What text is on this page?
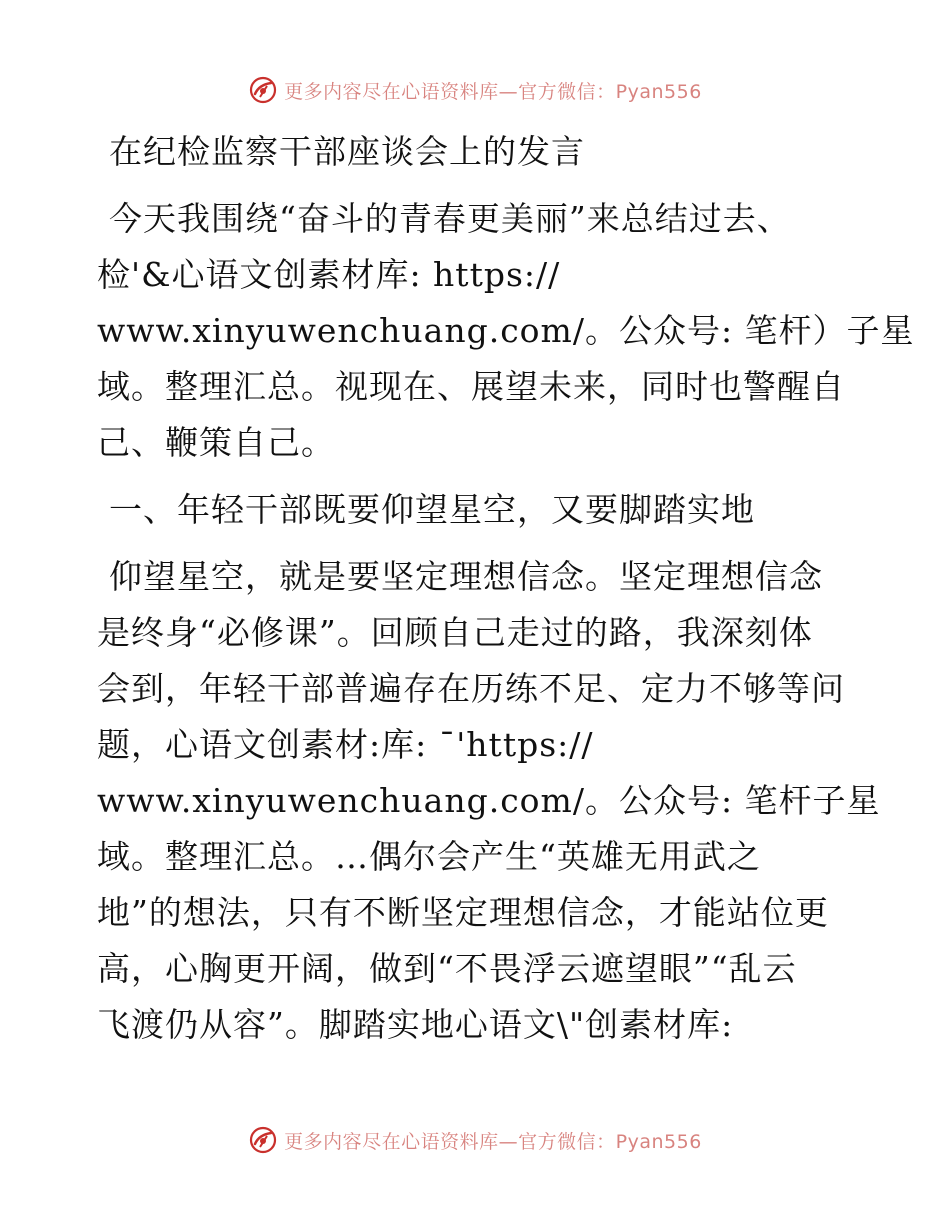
更多内容尽在心语资料库—官方微信：Pyan556
在纪检监察干部座谈会上的发言
今天我围绕“奋斗的青春更美丽”来总结过去、
检'&心语文创素材库: https://
www.xinyuwenchuang.com/。公众号: 笔杆）子星
域。整理汇总。视现在、展望未来，同时也警醒自
己、鞭策自己。
一、年轻干部既要仰望星空，又要脚踏实地
仰望星空，就是要坚定理想信念。坚定理想信念
是终身“必修课”。回顾自己走过的路，我深刻体
会到，年轻干部普遍存在历练不足、定力不够等问
题，心语文创素材:库: ¯'https://
www.xinyuwenchuang.com/。公众号: 笔杆子星
域。整理汇总。…偶尔会产生“英雄无用武之
地”的想法，只有不断坚定理想信念，才能站位更
高，心胸更开阔，做到“不畏浮云遮望眼”“乱云
飞渡仍从容”。脚踏实地心语文\"创素材库:
更多内容尽在心语资料库—官方微信：Pyan556
